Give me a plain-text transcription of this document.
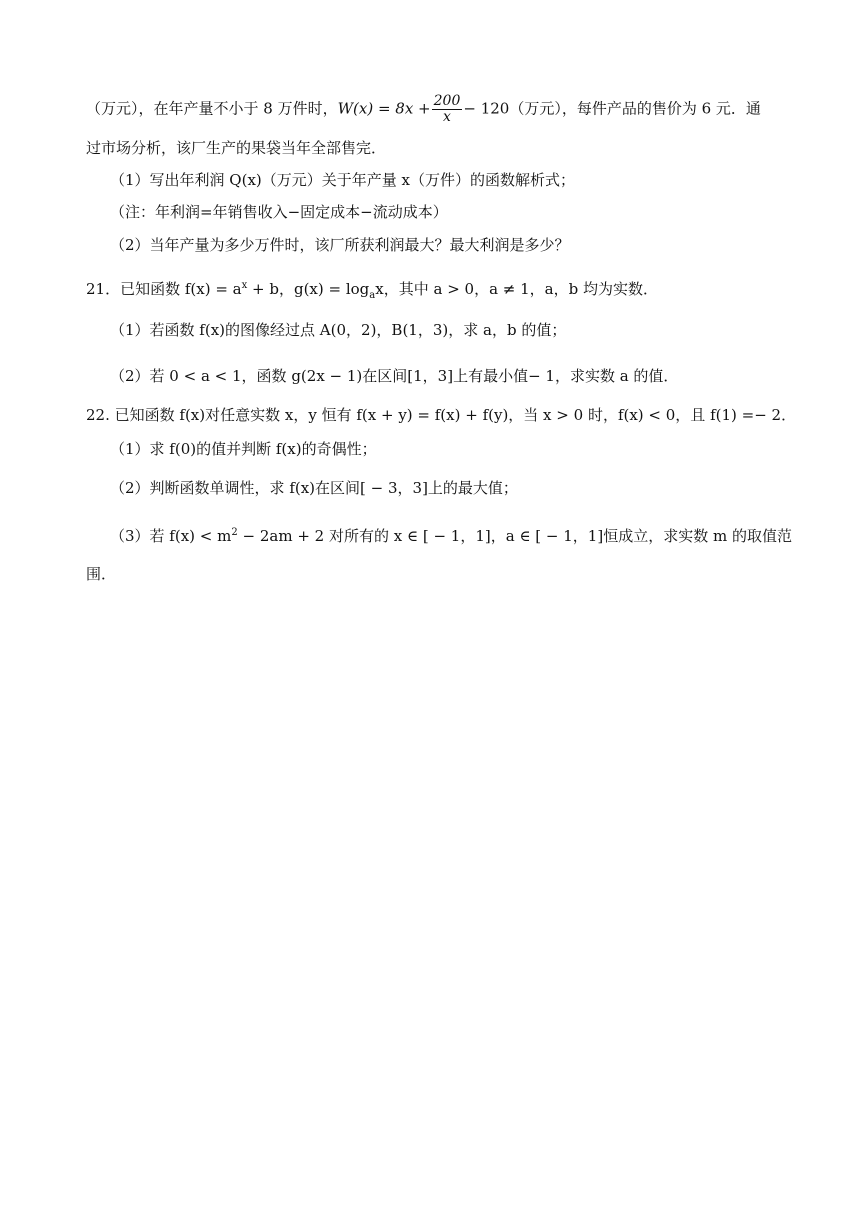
（万元），在年产量不小于 8 万件时，$W(x) = 8x + \frac{200}{x} - 120$（万元），每件产品的售价为 6 元．通
过市场分析，该厂生产的果袋当年全部售完．
（1）写出年利润 Q(x)（万元）关于年产量 x（万件）的函数解析式；
（注：年利润=年销售收入−固定成本−流动成本）
（2）当年产量为多少万件时，该厂所获利润最大？最大利润是多少？
21．已知函数 $f(x) = a^x + b$，$g(x) = \log_ax$，其中 a > 0，a ≠ 1，a，b 均为实数．
（1）若函数 f(x)的图像经过点 A(0，2)，B(1，3)，求 a，b 的值；
（2）若 0 < a < 1，函数 g(2x − 1)在区间[1，3]上有最小值− 1，求实数 a 的值．
22. 已知函数 f(x)对任意实数 x，y 恒有 f(x + y) = f(x) + f(y)，当 x > 0 时，f(x) < 0，且 f(1) =− 2．
（1）求 f(0)的值并判断 f(x)的奇偶性；
（2）判断函数单调性，求 f(x)在区间[ − 3，3]上的最大值；
（3）若 $f(x) < m^2 - 2am + 2$ 对所有的 x ∈ [ − 1，1]，a ∈ [ − 1，1]恒成立，求实数 m 的取值范
围．
